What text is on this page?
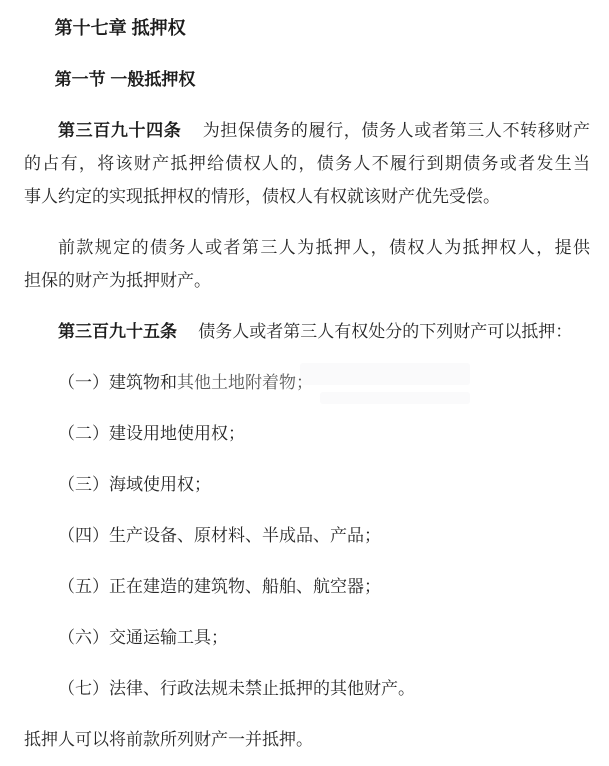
第十七章 抵押权
第一节 一般抵押权

第三百九十四条 为担保债务的履行，债务人或者第三人不转移财产
的占有，将该财产抵押给债权人的，债务人不履行到期债务或者发生当
事人约定的实现抵押权的情形，债权人有权就该财产优先受偿。

前款规定的债务人或者第三人为抵押人，债权人为抵押权人，提供
担保的财产为抵押财产。

第三百九十五条 债务人或者第三人有权处分的下列财产可以抵押：

（一）建筑物和其他土地附着物；

（二）建设用地使用权；

（三）海域使用权；

（四）生产设备、原材料、半成品、产品；

（五）正在建造的建筑物、船舶、航空器；

（六）交通运输工具；

（七）法律、行政法规未禁止抵押的其他财产。

抵押人可以将前款所列财产一并抵押。
